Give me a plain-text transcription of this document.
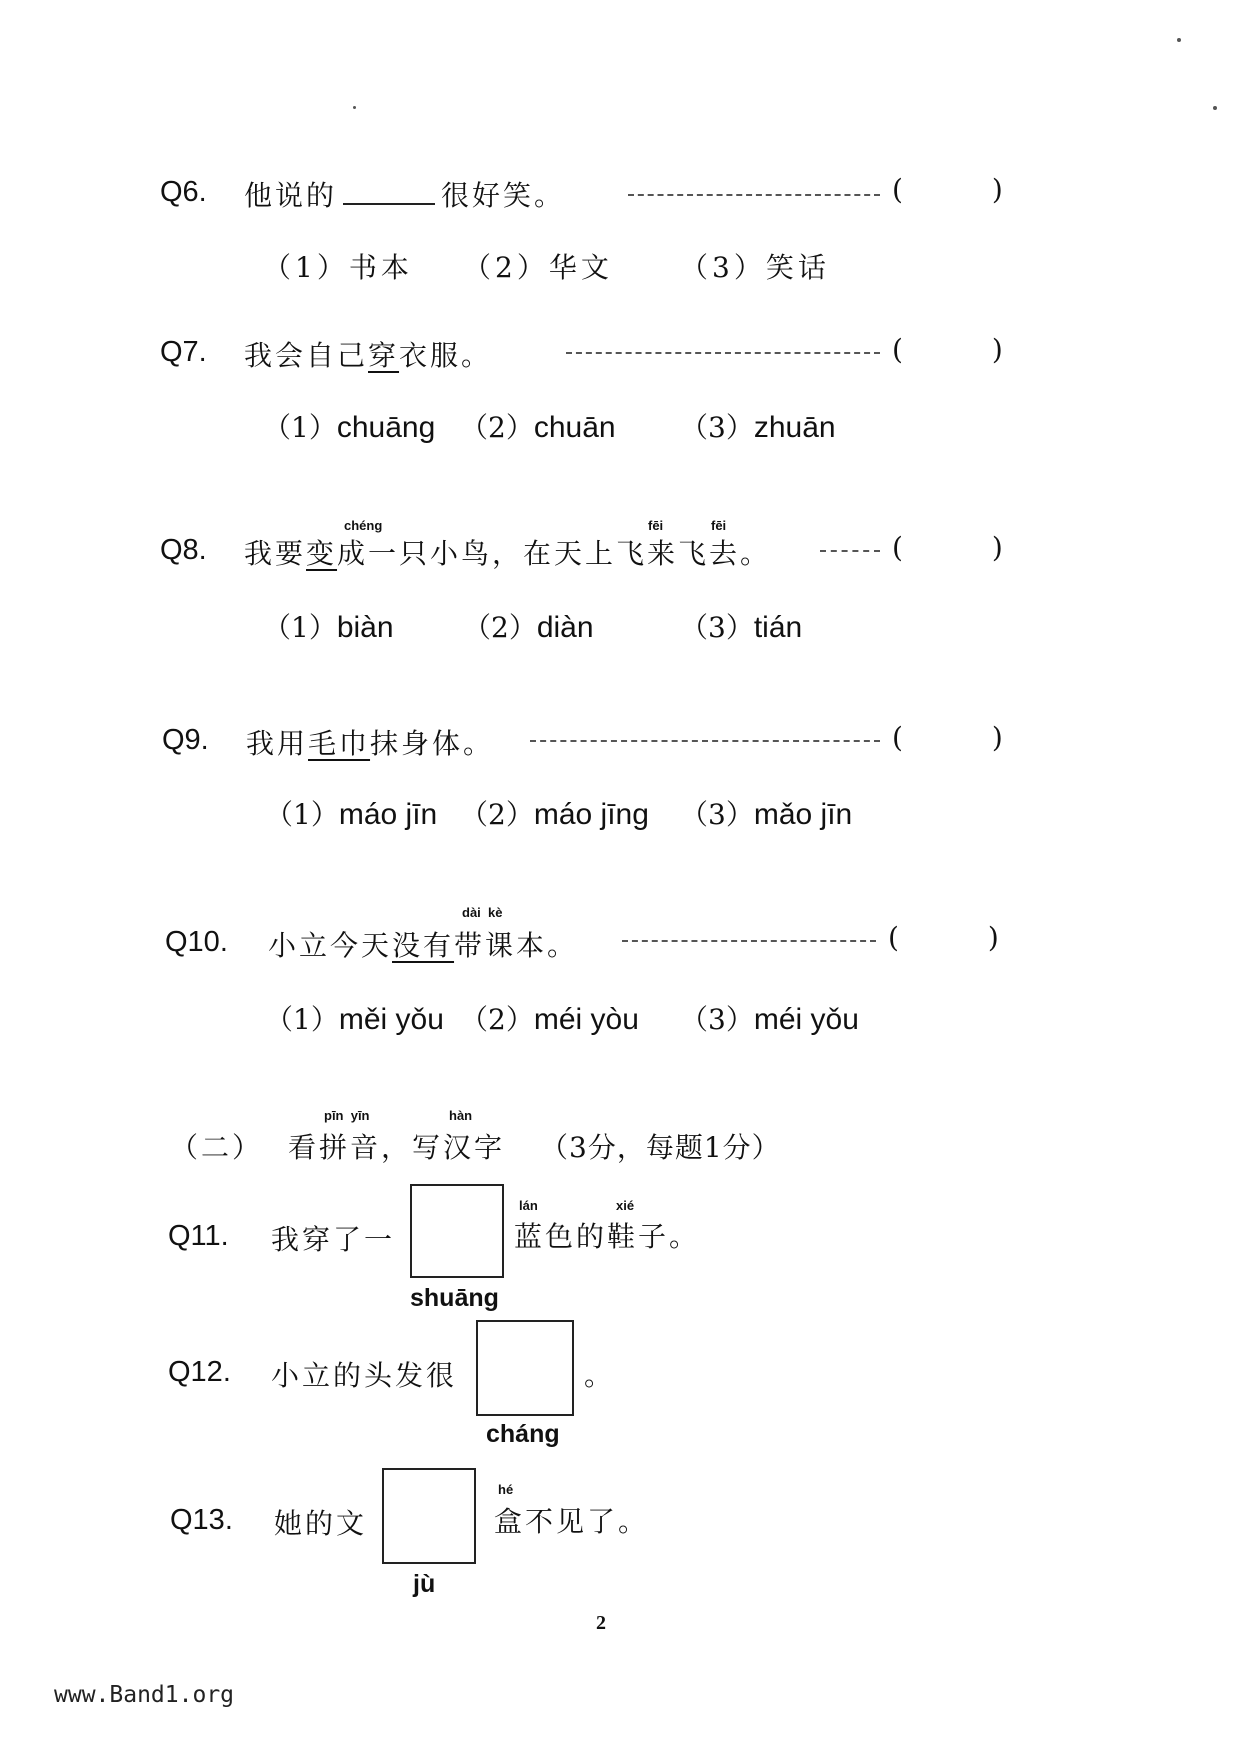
Q6. 他说的	很好笑。	(          )
（1）书本 （2）华文 （3）笑话
Q7. 我会自己穿衣服。	(          )
（1）chuāng （2）chuān （3）zhuān
chéng	fēi	fēi
Q8. 我要变成一只小鸟，在天上飞来飞去。	(          )
（1）biàn （2）diàn	（3）tián
Q9. 我用毛巾抹身体。	(          )
（1）máo jīn （2）máo jīng （3）mǎo jīn
dài  kè
Q10. 小立今天没有带课本。	(          )
（1）měi yǒu （2）méi yòu （3）méi yǒu
pīn  yīn	hàn
（二） 看拼音，写汉字 （3分，每题1分）
Q11. 我穿了一
shuāng
lán	xié
蓝色的鞋子。
Q12. 小立的头发很
cháng
。
Q13. 她的文
jù
hé
盒不见了。
2
www.Band1.org
